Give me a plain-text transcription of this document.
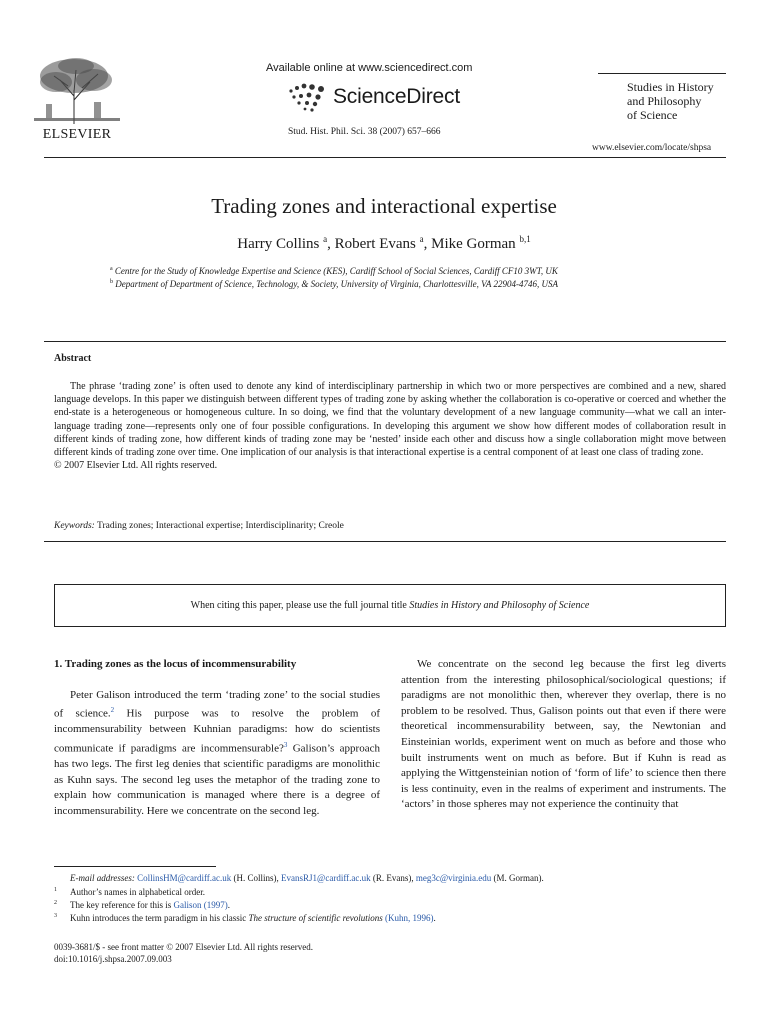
ELSEVIER
Available online at www.sciencedirect.com
ScienceDirect
Stud. Hist. Phil. Sci. 38 (2007) 657–666
Studies in History
and Philosophy
of Science
www.elsevier.com/locate/shpsa
Trading zones and interactional expertise
Harry Collins $^a$, Robert Evans $^a$, Mike Gorman $^{b,1}$
$^a$ Centre for the Study of Knowledge Expertise and Science (KES), Cardiff School of Social Sciences, Cardiff CF10 3WT, UK
$^b$ Department of Department of Science, Technology, & Society, University of Virginia, Charlottesville, VA 22904-4746, USA
Abstract

The phrase ‘trading zone’ is often used to denote any kind of interdisciplinary partnership in which two or more perspectives are combined and a new, shared language develops. In this paper we distinguish between different types of trading zone by asking whether the collaboration is co-operative or coerced and whether the end-state is a heterogeneous or homogeneous culture. In so doing, we find that the voluntary development of a new language community—what we call an inter-language trading zone—represents only one of four possible configurations. In developing this argument we show how different modes of collaboration result in different kinds of trading zone, how different kinds of trading zone may be ‘nested’ inside each other and discuss how a single collaboration might move between different kinds of trading zone over time. One implication of our analysis is that interactional expertise is a central component of at least one class of trading zone.

© 2007 Elsevier Ltd. All rights reserved.

Keywords: Trading zones; Interactional expertise; Interdisciplinarity; Creole
When citing this paper, please use the full journal title Studies in History and Philosophy of Science
1. Trading zones as the locus of incommensurability

Peter Galison introduced the term ‘trading zone’ to the social studies of science.$^2$ His purpose was to resolve the problem of incommensurability between Kuhnian paradigms: how do scientists communicate if paradigms are incommensurable?$^3$ Galison’s approach has two legs. The first leg denies that scientific paradigms are monolithic as Kuhn says. The second leg uses the metaphor of the trading zone to explain how communication is managed where there is a degree of incommensurability. Here we concentrate on the second leg.

We concentrate on the second leg because the first leg diverts attention from the interesting philosophical/sociological questions; if paradigms are not monolithic then, wherever they overlap, there is no problem to be resolved. Thus, Galison points out that even if there were theoretical incommensurability between, say, the Newtonian and Einsteinian worlds, experiment went on much as before and those who built instruments went on much as before. But if Kuhn is read as applying the Wittgensteinian notion of ‘form of life’ to science then there is less continuity, even in the realms of experiment and instruments. The ‘actors’ in those spheres may not experience the continuity that

E-mail addresses: CollinsHM@cardiff.ac.uk (H. Collins), EvansRJ1@cardiff.ac.uk (R. Evans), meg3c@virginia.edu (M. Gorman).
$^1$ Author’s names in alphabetical order.
$^2$ The key reference for this is Galison (1997).
$^3$ Kuhn introduces the term paradigm in his classic The structure of scientific revolutions (Kuhn, 1996).
0039-3681/$ - see front matter © 2007 Elsevier Ltd. All rights reserved.
doi:10.1016/j.shpsa.2007.09.003
